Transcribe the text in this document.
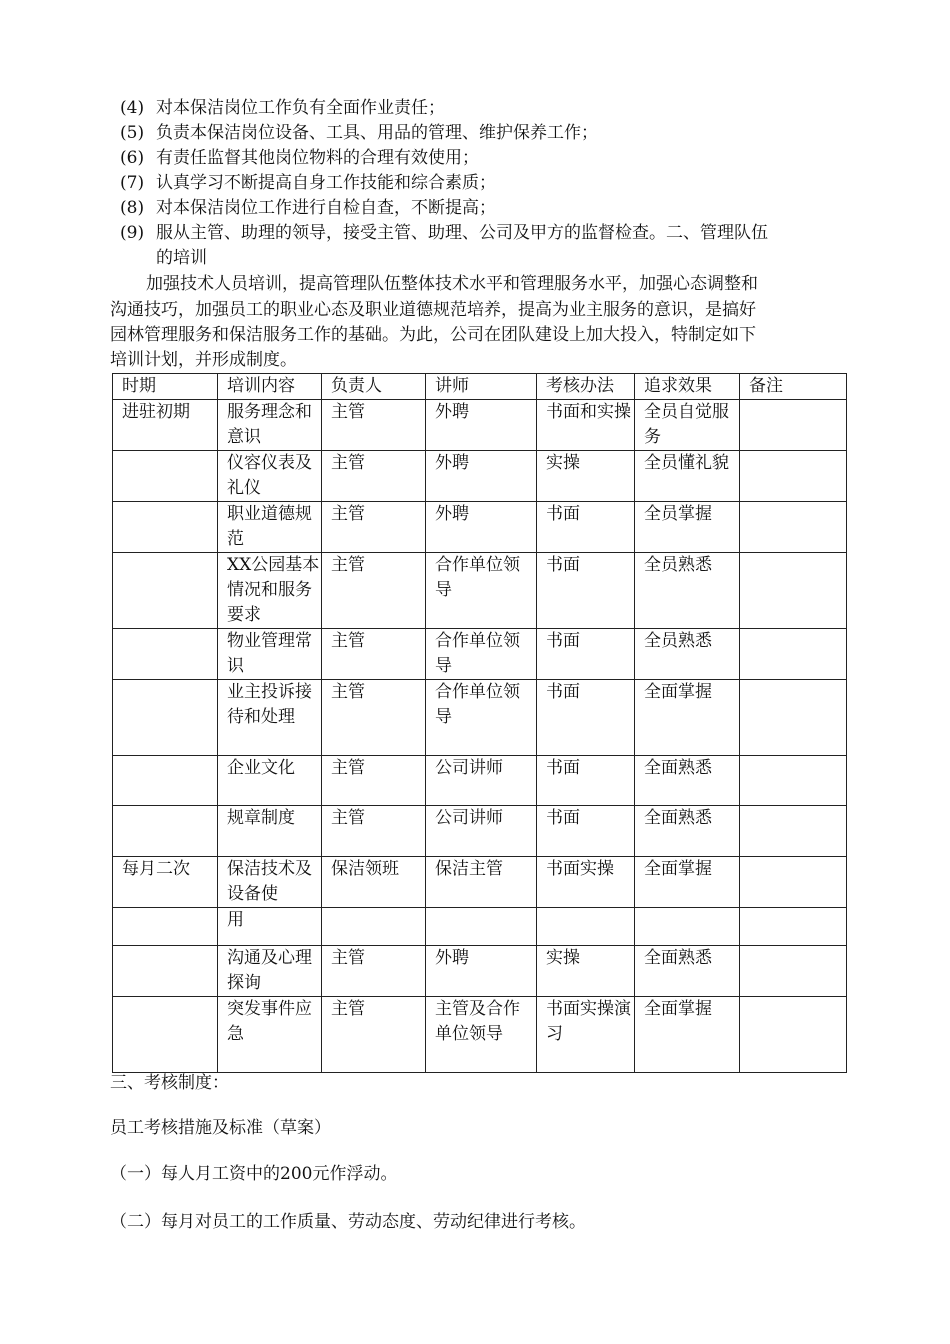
(4) 对本保洁岗位工作负有全面作业责任；
(5) 负责本保洁岗位设备、工具、用品的管理、维护保养工作；
(6) 有责任监督其他岗位物料的合理有效使用；
(7) 认真学习不断提高自身工作技能和综合素质；
(8) 对本保洁岗位工作进行自检自查，不断提高；
(9) 服从主管、助理的领导，接受主管、助理、公司及甲方的监督检查。二、管理队伍
的培训
加强技术人员培训，提高管理队伍整体技术水平和管理服务水平，加强心态调整和
沟通技巧，加强员工的职业心态及职业道德规范培养，提高为业主服务的意识，是搞好
园林管理服务和保洁服务工作的基础。为此，公司在团队建设上加大投入，特制定如下
培训计划，并形成制度。
时期	培训内容	负责人	讲师	考核办法	追求效果	备注
进驻初期	服务理念和意识	主管	外聘	书面和实操	全员自觉服务	
	仪容仪表及礼仪	主管	外聘	实操	全员懂礼貌	
	职业道德规范	主管	外聘	书面	全员掌握	
	XX公园基本情况和服务要求	主管	合作单位领导	书面	全员熟悉	
	物业管理常识	主管	合作单位领导	书面	全员熟悉	
	业主投诉接待和处理	主管	合作单位领导	书面	全面掌握	
	企业文化	主管	公司讲师	书面	全面熟悉	
	规章制度	主管	公司讲师	书面	全面熟悉	
每月二次	保洁技术及设备使	保洁领班	保洁主管	书面实操	全面掌握	
	用					
	沟通及心理探询	主管	外聘	实操	全面熟悉	
	突发事件应急	主管	主管及合作单位领导	书面实操演习	全面掌握	
三、考核制度：
员工考核措施及标准（草案）
（一）每人月工资中的200元作浮动。
（二）每月对员工的工作质量、劳动态度、劳动纪律进行考核。
